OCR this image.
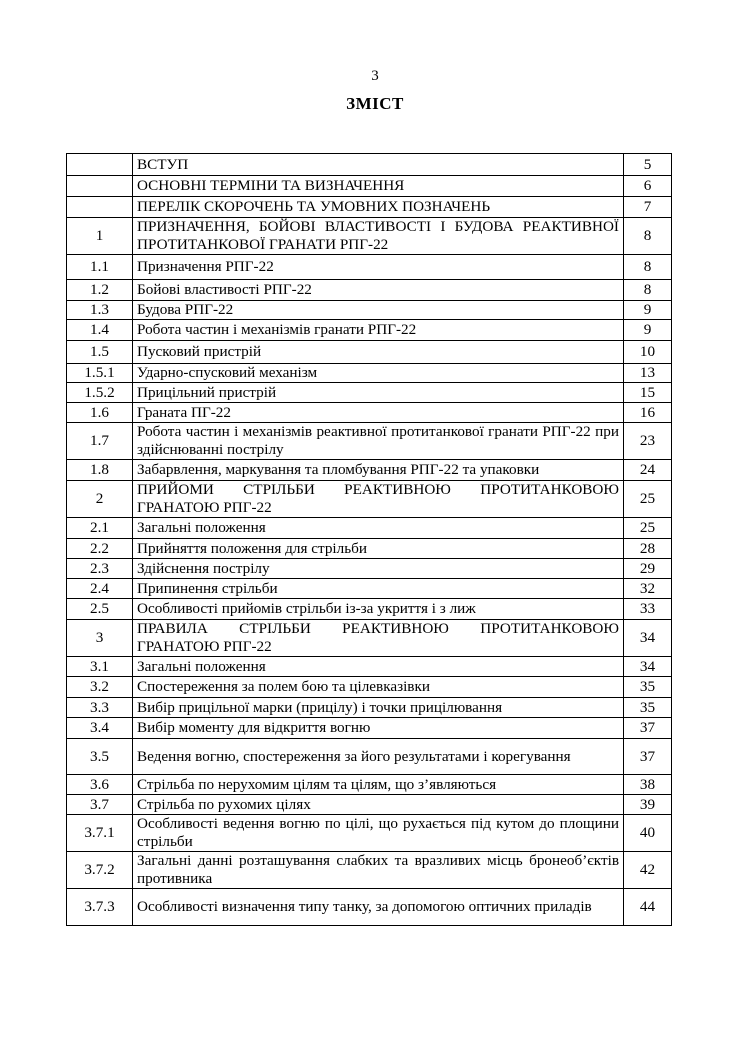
3
ЗМІСТ
	ВСТУП	5
	ОСНОВНІ ТЕРМІНИ ТА ВИЗНАЧЕННЯ	6
	ПЕРЕЛІК СКОРОЧЕНЬ ТА УМОВНИХ ПОЗНАЧЕНЬ	7
1	ПРИЗНАЧЕННЯ, БОЙОВІ ВЛАСТИВОСТІ І БУДОВА РЕАКТИВНОЇ ПРОТИТАНКОВОЇ ГРАНАТИ РПГ-22	8
1.1	Призначення РПГ-22	8
1.2	Бойові властивості РПГ-22	8
1.3	Будова РПГ-22	9
1.4	Робота частин і механізмів гранати РПГ-22	9
1.5	Пусковий пристрій	10
1.5.1	Ударно-спусковий механізм	13
1.5.2	Прицільний пристрій	15
1.6	Граната ПГ-22	16
1.7	Робота частин і механізмів реактивної протитанкової гранати РПГ-22 при здійснюванні пострілу	23
1.8	Забарвлення, маркування та пломбування РПГ-22 та упаковки	24
2	ПРИЙОМИ СТРІЛЬБИ РЕАКТИВНОЮ ПРОТИТАНКОВОЮ ГРАНАТОЮ РПГ-22	25
2.1	Загальні положення	25
2.2	Прийняття положення для стрільби	28
2.3	Здійснення пострілу	29
2.4	Припинення стрільби	32
2.5	Особливості прийомів стрільби із-за укриття і з лиж	33
3	ПРАВИЛА СТРІЛЬБИ РЕАКТИВНОЮ ПРОТИТАНКОВОЮ ГРАНАТОЮ РПГ-22	34
3.1	Загальні положення	34
3.2	Спостереження за полем бою та цілевказівки	35
3.3	Вибір прицільної марки (прицілу) і точки прицілювання	35
3.4	Вибір моменту для відкриття вогню	37
3.5	Ведення вогню, спостереження за його результатами і корегування	37
3.6	Стрільба по нерухомим цілям та цілям, що з’являються	38
3.7	Стрільба по рухомих цілях	39
3.7.1	Особливості ведення вогню по цілі, що рухається під кутом до площини стрільби	40
3.7.2	Загальні данні розташування слабких та вразливих місць бронеоб’єктів противника	42
3.7.3	Особливості визначення типу танку, за допомогою оптичних приладів	44
